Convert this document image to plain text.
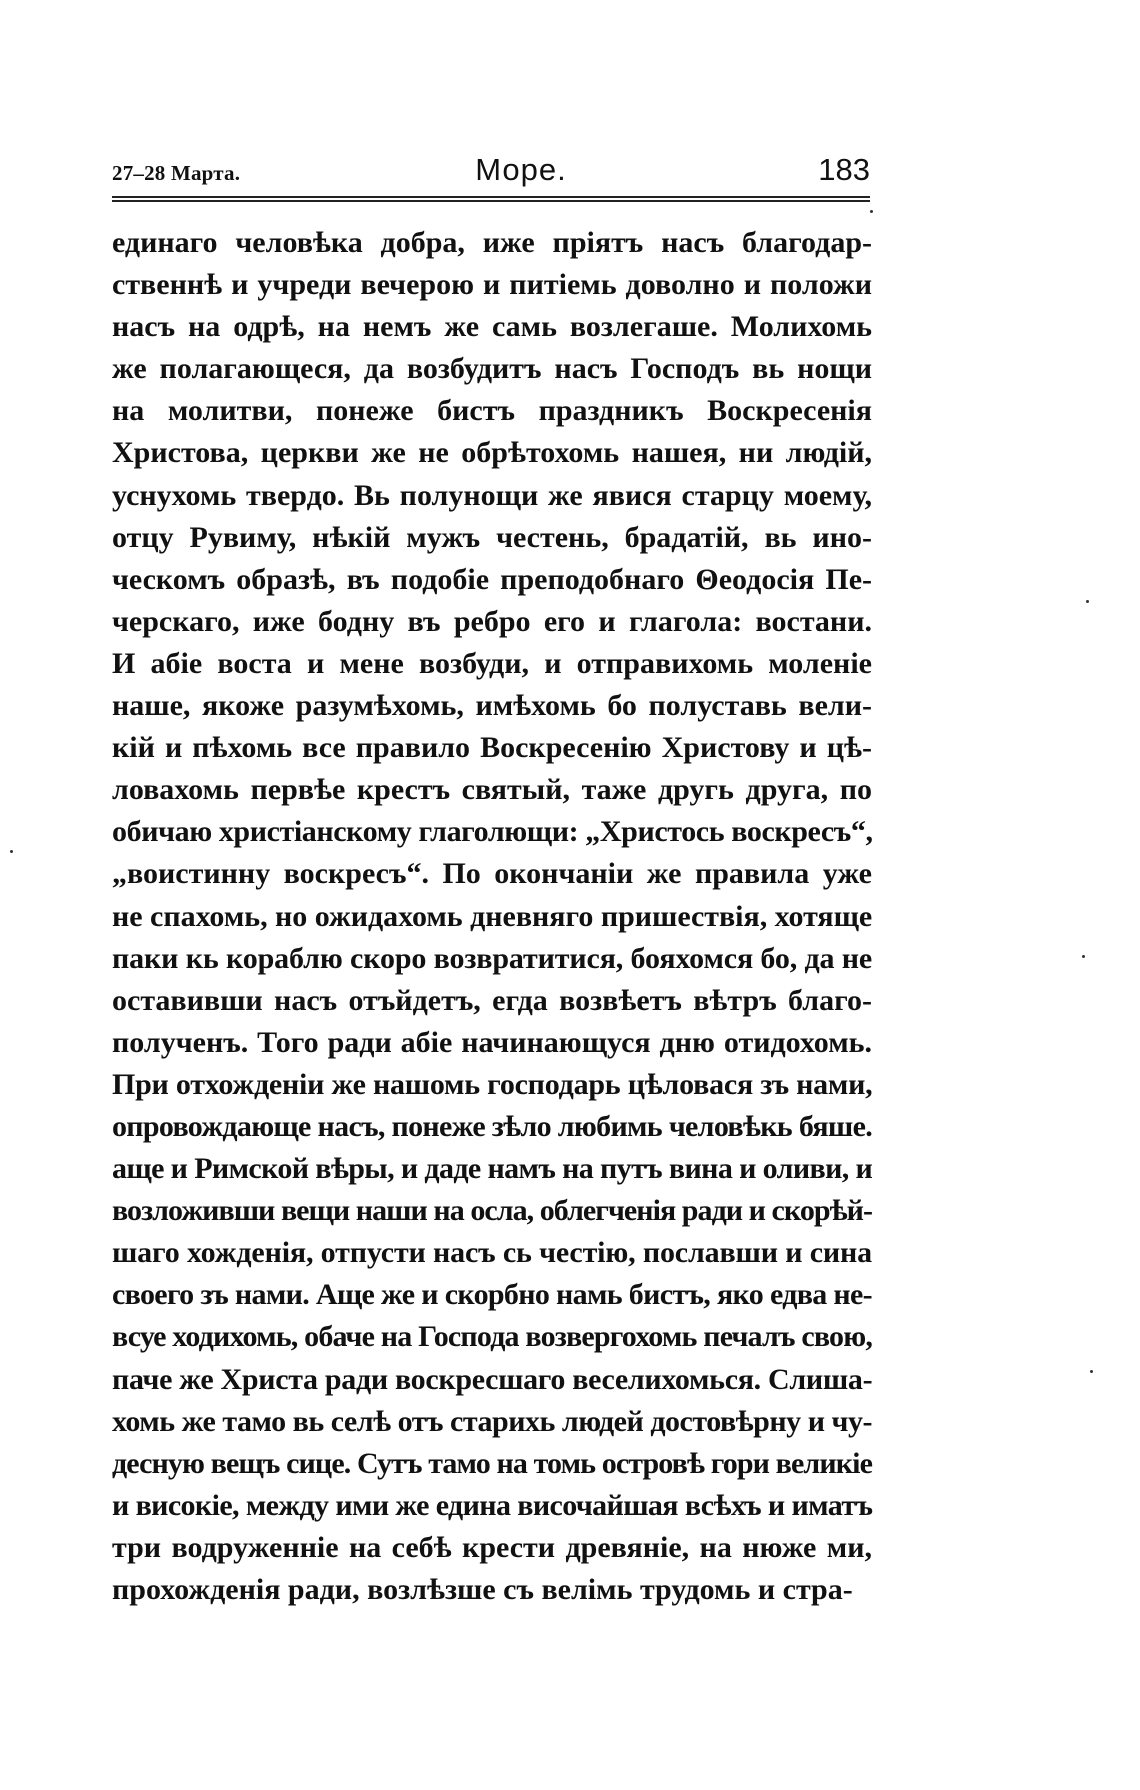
27–28 Марта.	Море.	183
единаго человѣка добра, иже пріятъ насъ благодар-
ственнѣ и учреди вечерою и питіемь доволно и положи
насъ на одрѣ, на немъ же самь возлегаше. Молихомь
же полагающеся, да возбудитъ насъ Господъ вь нощи
на молитви, понеже бистъ праздникъ Воскресенія
Христова, церкви же не обрѣтохомь нашея, ни людій,
уснухомь твердо. Вь полунощи же явися старцу моему,
отцу Рувиму, нѣкій мужъ честень, брадатій, вь ино-
ческомъ образѣ, въ подобіе преподобнаго Θеодосія Пе-
черскаго, иже бодну въ ребро его и глагола: востани.
И абіе воста и мене возбуди, и отправихомь моленіе
наше, якоже разумѣхомь, имѣхомь бо полуставь вели-
кій и пѣхомь все правило Воскресенію Христову и цѣ-
ловахомь первѣе крестъ святый, таже другь друга, по
обичаю христіанскому глаголющи: „Христось воскресъ“,
„воистинну воскресъ“. По окончаніи же правила уже
не спахомь, но ожидахомь дневняго пришествія, хотяще
паки кь кораблю скоро возвратитися, бояхомся бо, да не
оставивши насъ отъйдетъ, егда возвѣетъ вѣтръ благо-
полученъ. Того ради абіе начинающуся дню отидохомь.
При отхожденіи же нашомь господарь цѣловася зъ нами,
опровождающе насъ, понеже зѣло любимь человѣкь бяше.
аще и Римской вѣры, и даде намъ на путъ вина и оливи, и
возложивши вещи наши на осла, облегченія ради и скорѣй-
шаго хожденія, отпусти насъ сь честію, пославши и сина
своего зъ нами. Аще же и скорбно намь бистъ, яко едва не-
всуе ходихомь, обаче на Господа возвергохомь печалъ свою,
паче же Христа ради воскресшаго веселихомься. Слиша-
хомь же тамо вь селѣ отъ старихь людей достовѣрну и чу-
десную вещъ сице. Сутъ тамо на томь островѣ гори великіе
и високіе, между ими же едина височайшая всѣхъ и иматъ
три водруженніе на себѣ крести древяніе, на нюже ми,
прохожденія ради, возлѣзше съ велімь трудомь и стра-
